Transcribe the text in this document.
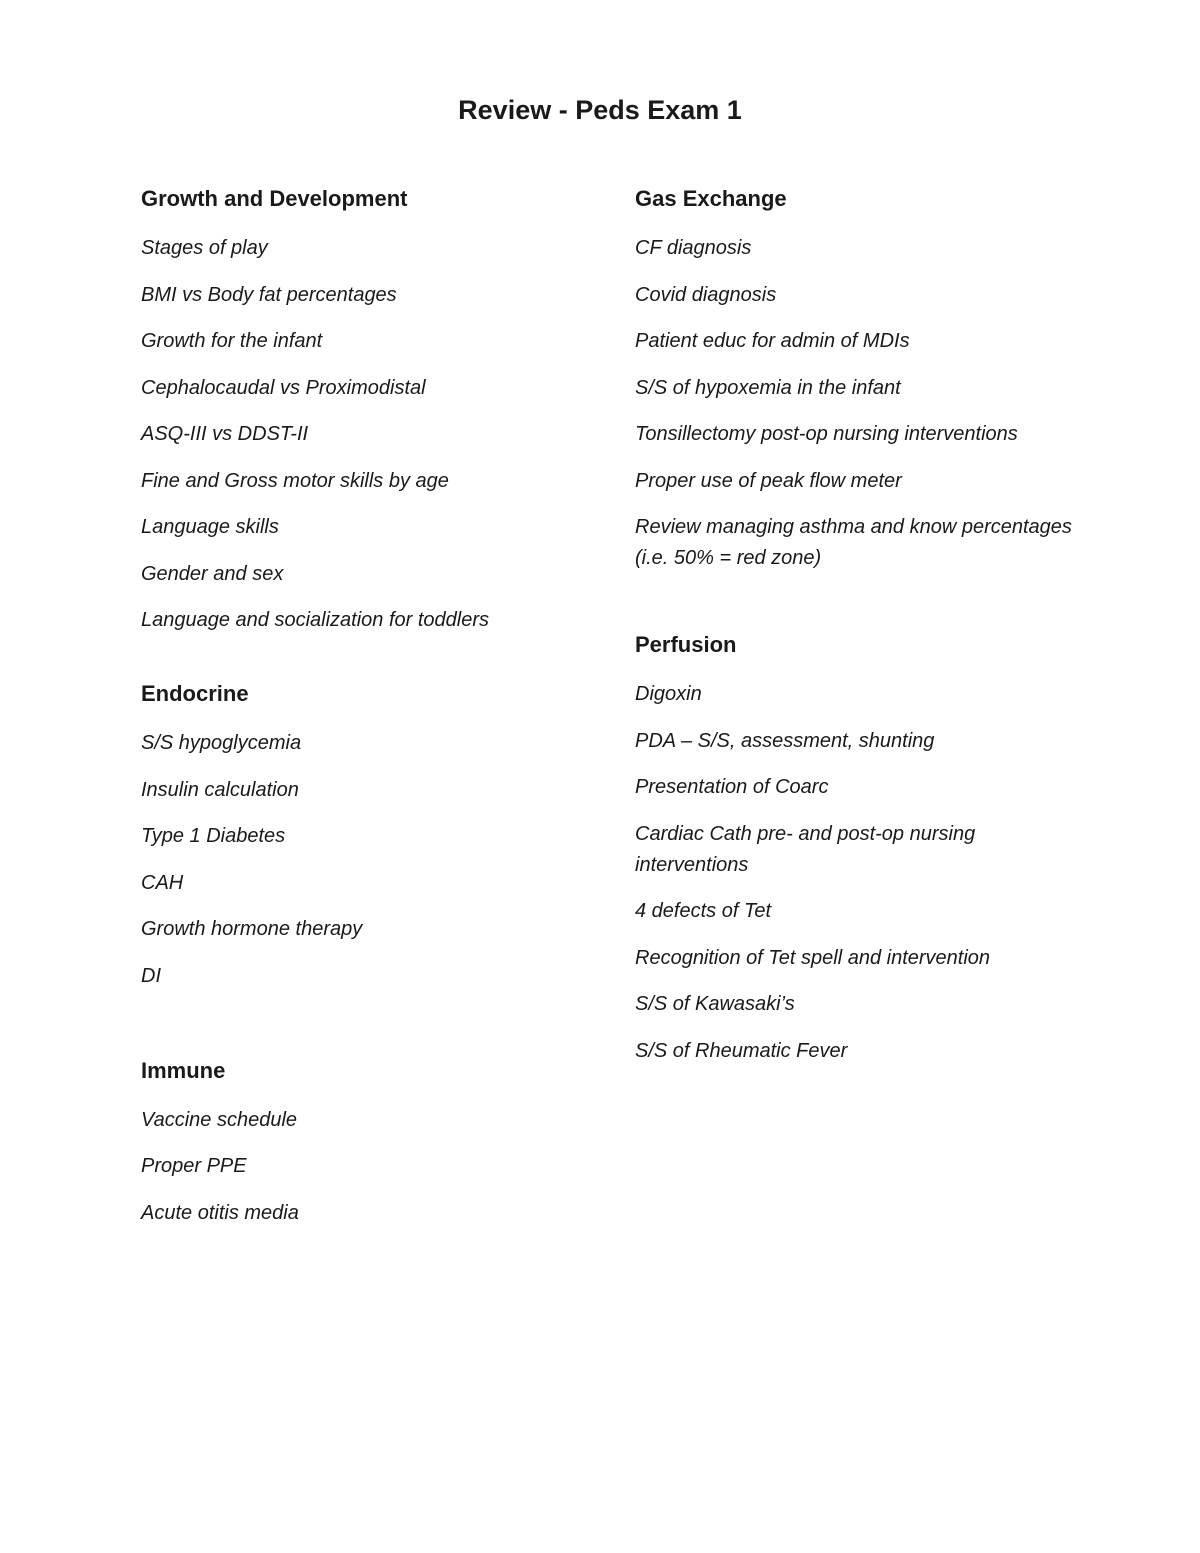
Review - Peds Exam 1
Growth and Development
Stages of play
BMI vs Body fat percentages
Growth for the infant
Cephalocaudal vs Proximodistal
ASQ-III vs DDST-II
Fine and Gross motor skills by age
Language skills
Gender and sex
Language and socialization for toddlers
Endocrine
S/S hypoglycemia
Insulin calculation
Type 1 Diabetes
CAH
Growth hormone therapy
DI
Immune
Vaccine schedule
Proper PPE
Acute otitis media
Gas Exchange
CF diagnosis
Covid diagnosis
Patient educ for admin of MDIs
S/S of hypoxemia in the infant
Tonsillectomy post-op nursing interventions
Proper use of peak flow meter
Review managing asthma and know percentages (i.e. 50% = red zone)
Perfusion
Digoxin
PDA – S/S, assessment, shunting
Presentation of Coarc
Cardiac Cath pre- and post-op nursing interventions
4 defects of Tet
Recognition of Tet spell and intervention
S/S of Kawasaki’s
S/S of Rheumatic Fever
